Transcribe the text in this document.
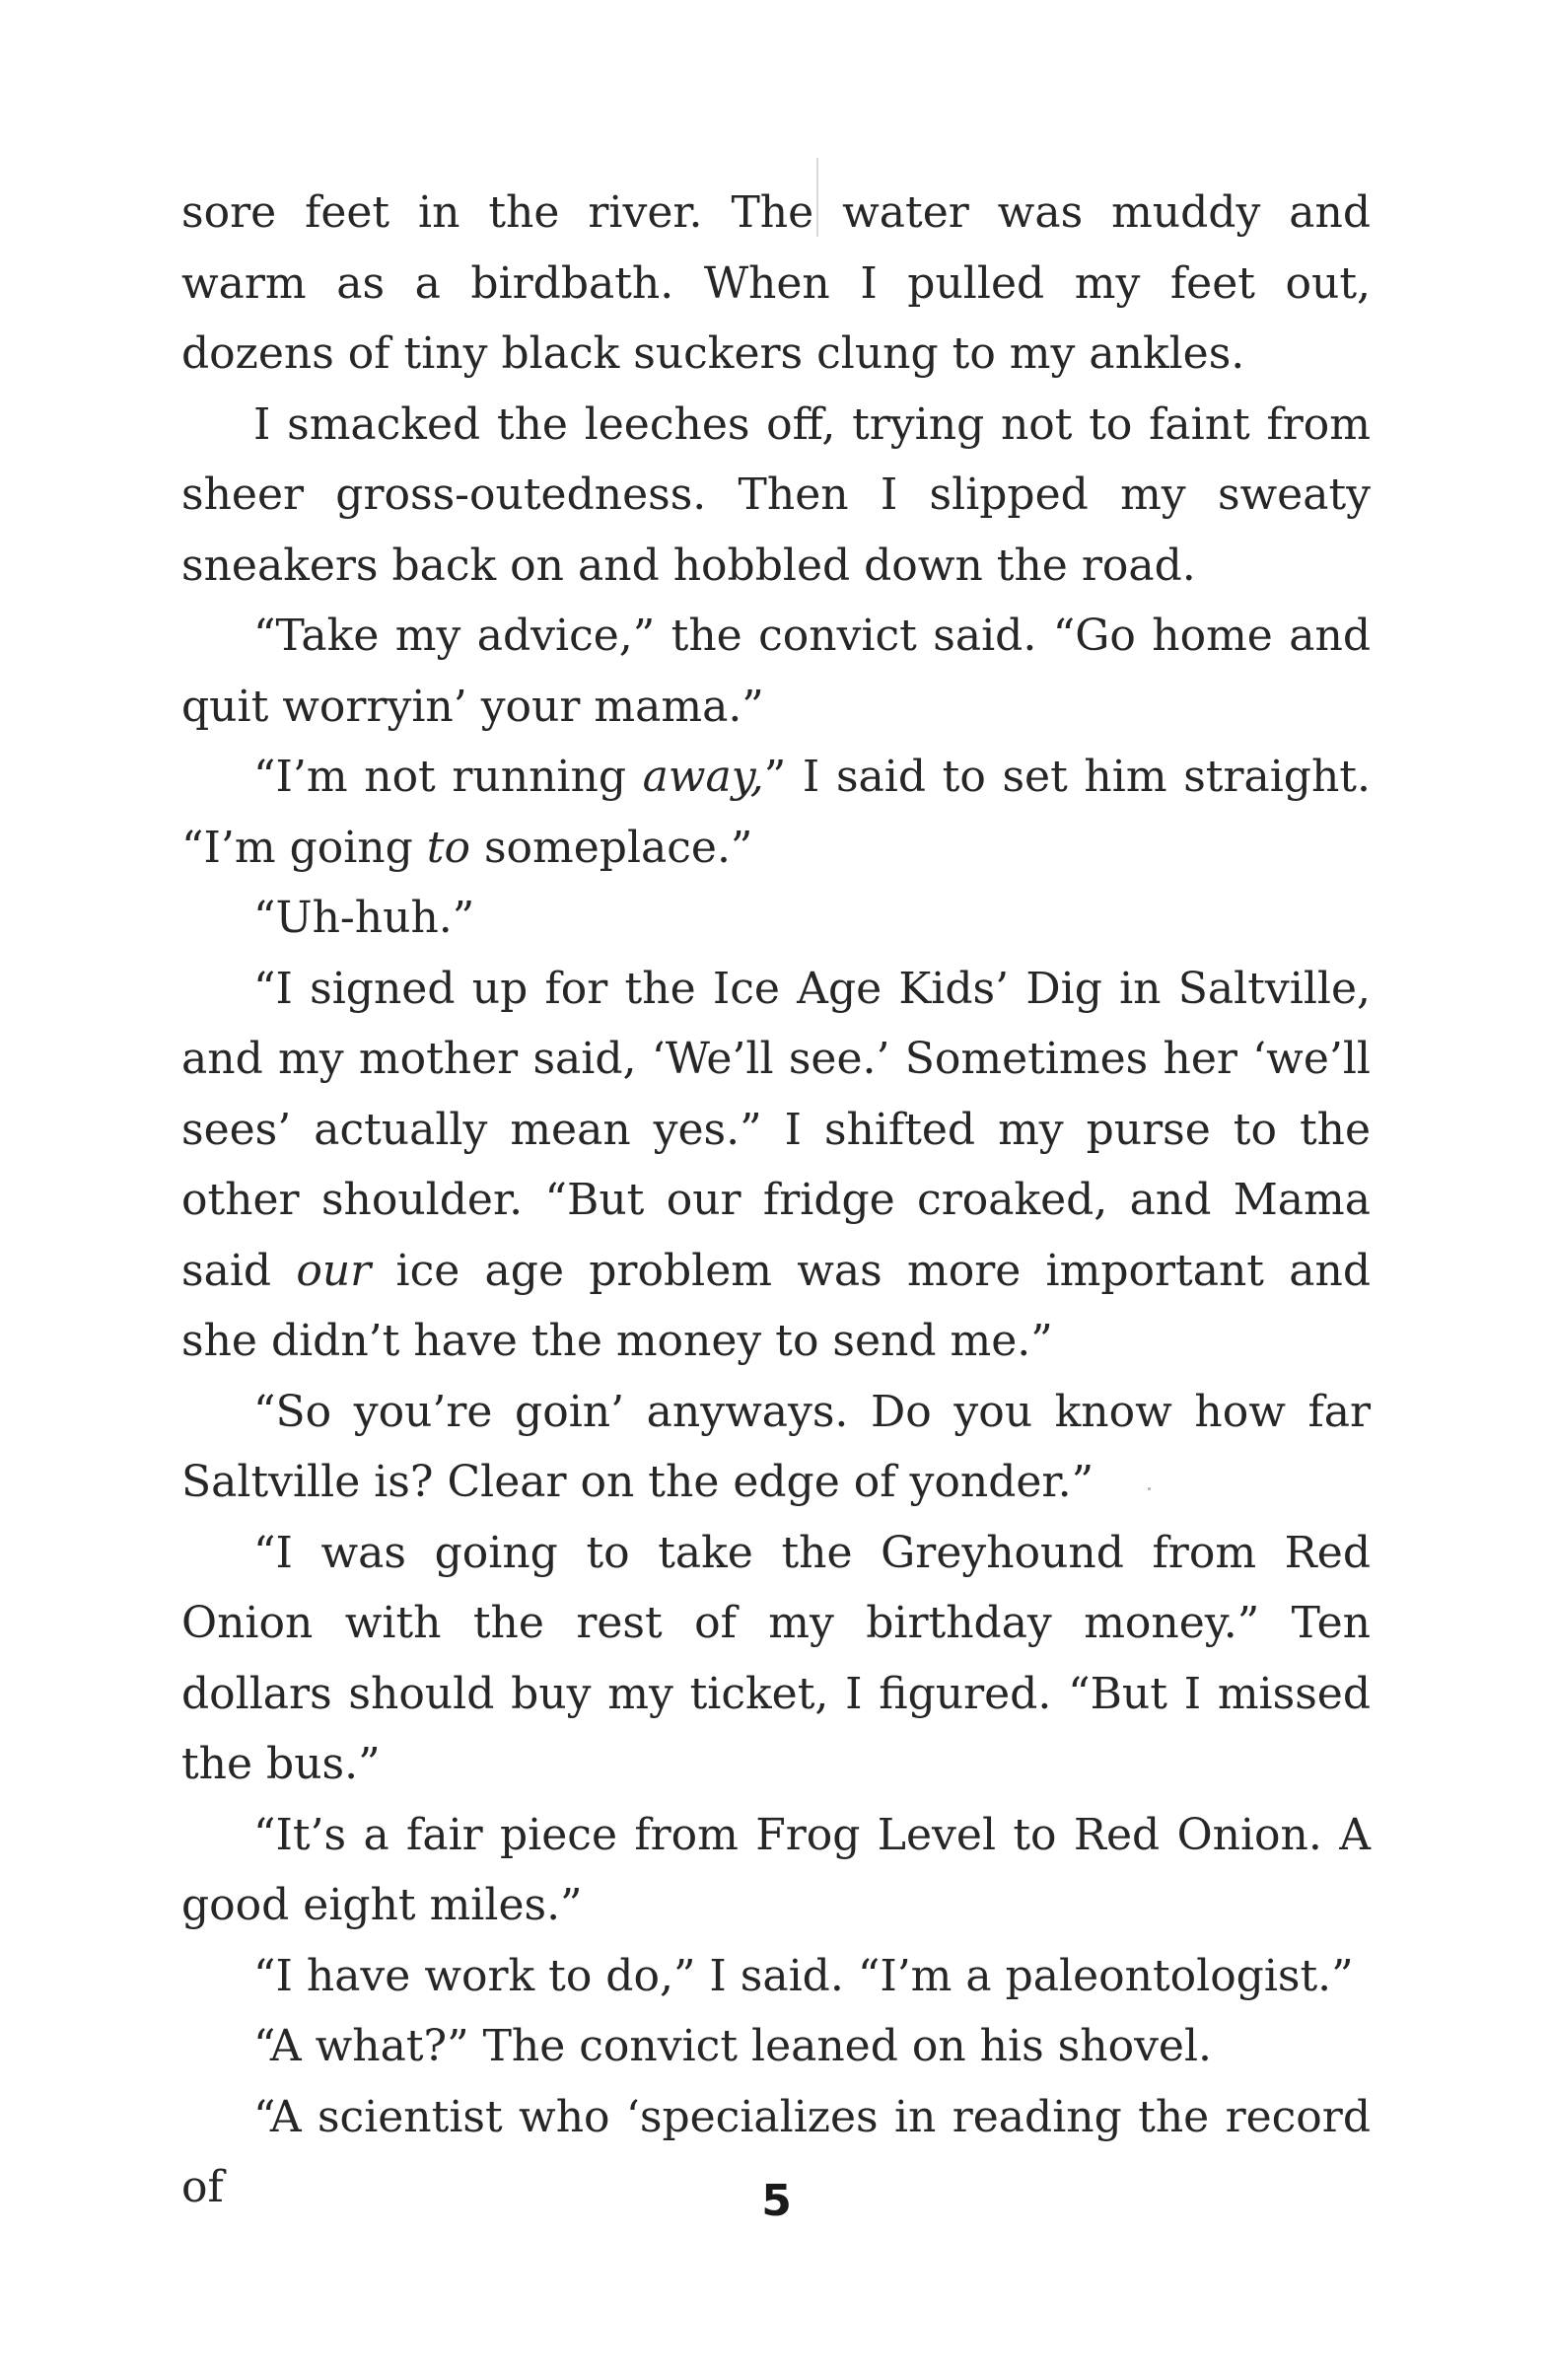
sore feet in the river. The water was muddy and warm as a birdbath. When I pulled my feet out, dozens of tiny black suckers clung to my ankles.

I smacked the leeches off, trying not to faint from sheer gross-outedness. Then I slipped my sweaty sneakers back on and hobbled down the road.

“Take my advice,” the convict said. “Go home and quit worryin’ your mama.”

“I’m not running away,” I said to set him straight. “I’m going to someplace.”

“Uh-huh.”

“I signed up for the Ice Age Kids’ Dig in Saltville, and my mother said, ‘We’ll see.’ Sometimes her ‘we’ll sees’ actually mean yes.” I shifted my purse to the other shoulder. “But our fridge croaked, and Mama said our ice age problem was more important and she didn’t have the money to send me.”

“So you’re goin’ anyways. Do you know how far Saltville is? Clear on the edge of yonder.”

“I was going to take the Greyhound from Red Onion with the rest of my birthday money.” Ten dollars should buy my ticket, I figured. “But I missed the bus.”

“It’s a fair piece from Frog Level to Red Onion. A good eight miles.”

“I have work to do,” I said. “I’m a paleontologist.”

“A what?” The convict leaned on his shovel.

“A scientist who ‘specializes in reading the record of	5
